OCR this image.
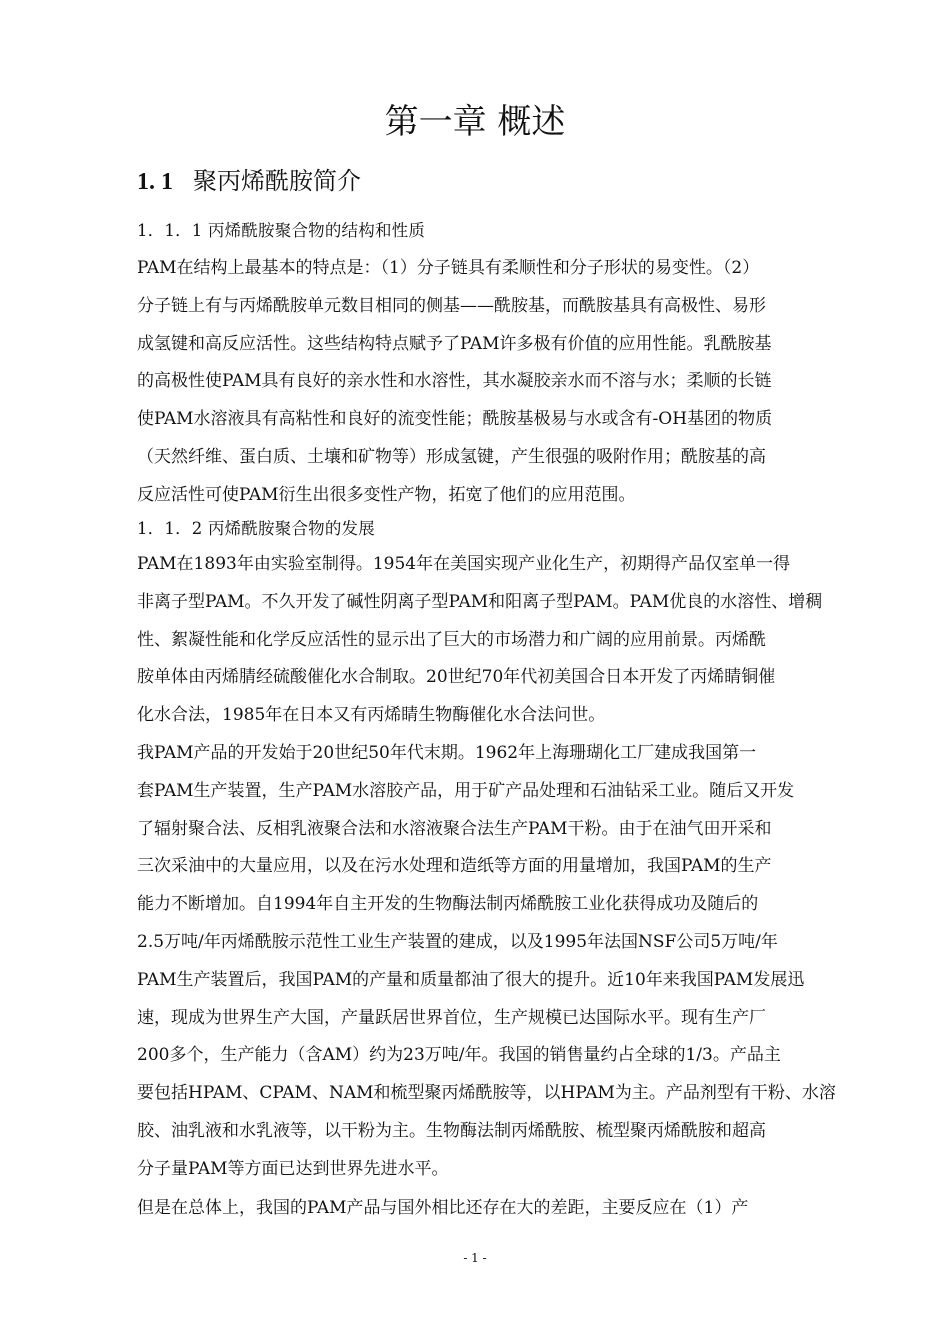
第一章 概述
1. 1 聚丙烯酰胺简介
1．1．1 丙烯酰胺聚合物的结构和性质
PAM在结构上最基本的特点是：（1）分子链具有柔顺性和分子形状的易变性。（2）
分子链上有与丙烯酰胺单元数目相同的侧基——酰胺基，而酰胺基具有高极性、易形
成氢键和高反应活性。这些结构特点赋予了PAM许多极有价值的应用性能。乳酰胺基
的高极性使PAM具有良好的亲水性和水溶性，其水凝胶亲水而不溶与水；柔顺的长链
使PAM水溶液具有高粘性和良好的流变性能；酰胺基极易与水或含有-OH基团的物质
（天然纤维、蛋白质、土壤和矿物等）形成氢键，产生很强的吸附作用；酰胺基的高
反应活性可使PAM衍生出很多变性产物，拓宽了他们的应用范围。
1．1．2 丙烯酰胺聚合物的发展
PAM在1893年由实验室制得。1954年在美国实现产业化生产，初期得产品仅室单一得
非离子型PAM。不久开发了碱性阴离子型PAM和阳离子型PAM。PAM优良的水溶性、增稠
性、絮凝性能和化学反应活性的显示出了巨大的市场潜力和广阔的应用前景。丙烯酰
胺单体由丙烯腈经硫酸催化水合制取。20世纪70年代初美国合日本开发了丙烯睛铜催
化水合法，1985年在日本又有丙烯睛生物酶催化水合法问世。
我PAM产品的开发始于20世纪50年代末期。1962年上海珊瑚化工厂建成我国第一
套PAM生产装置，生产PAM水溶胶产品，用于矿产品处理和石油钻采工业。随后又开发
了辐射聚合法、反相乳液聚合法和水溶液聚合法生产PAM干粉。由于在油气田开采和
三次采油中的大量应用，以及在污水处理和造纸等方面的用量增加，我国PAM的生产
能力不断增加。自1994年自主开发的生物酶法制丙烯酰胺工业化获得成功及随后的
2.5万吨/年丙烯酰胺示范性工业生产装置的建成，以及1995年法国NSF公司5万吨/年
PAM生产装置后，我国PAM的产量和质量都油了很大的提升。近10年来我国PAM发展迅
速，现成为世界生产大国，产量跃居世界首位，生产规模已达国际水平。现有生产厂
200多个，生产能力（含AM）约为23万吨/年。我国的销售量约占全球的1/3。产品主
要包括HPAM、CPAM、NAM和梳型聚丙烯酰胺等，以HPAM为主。产品剂型有干粉、水溶
胶、油乳液和水乳液等，以干粉为主。生物酶法制丙烯酰胺、梳型聚丙烯酰胺和超高
分子量PAM等方面已达到世界先进水平。
但是在总体上，我国的PAM产品与国外相比还存在大的差距，主要反应在（1）产
- 1 -
